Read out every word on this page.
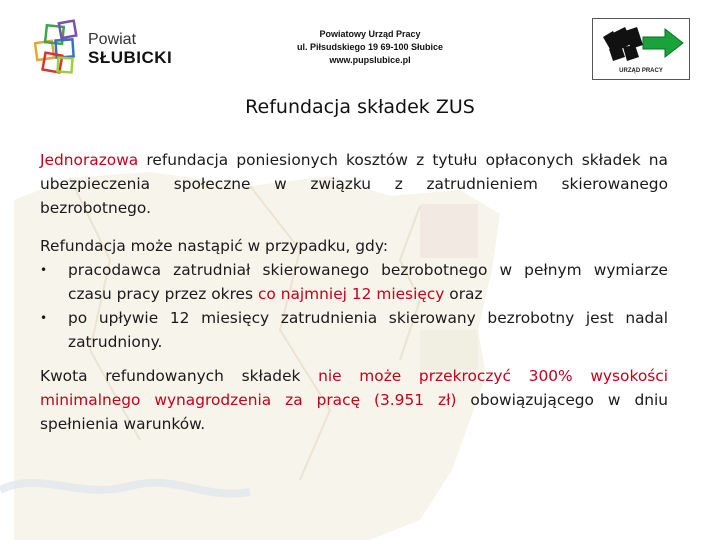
Powiat
SŁUBICKI
Powiatowy Urząd Pracy
ul. Piłsudskiego 19 69-100 Słubice
www.pupslubice.pl
URZĄD PRACY
Refundacja składek ZUS
Jednorazowa refundacja poniesionych kosztów z tytułu opłaconych składek na ubezpieczenia społeczne w związku z zatrudnieniem skierowanego bezrobotnego.
Refundacja może nastąpić w przypadku, gdy:
•	pracodawca zatrudniał skierowanego bezrobotnego w pełnym wymiarze czasu pracy przez okres co najmniej 12 miesięcy oraz
•	po upływie 12 miesięcy zatrudnienia skierowany bezrobotny jest nadal zatrudniony.
Kwota refundowanych składek nie może przekroczyć 300% wysokości minimalnego wynagrodzenia za pracę (3.951 zł) obowiązującego w dniu spełnienia warunków.
